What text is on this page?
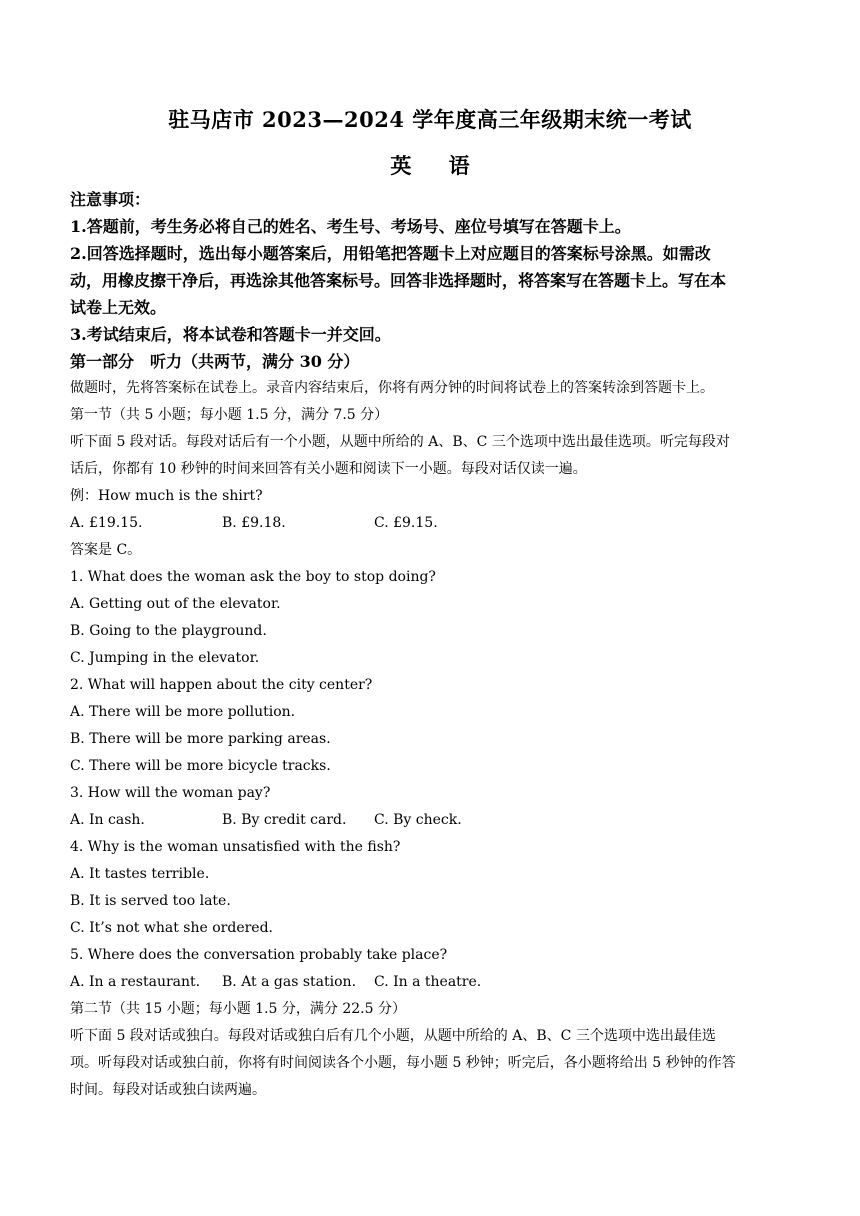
驻马店市 2023—2024 学年度高三年级期末统一考试
英 语
注意事项：
1.答题前，考生务必将自己的姓名、考生号、考场号、座位号填写在答题卡上。
2.回答选择题时，选出每小题答案后，用铅笔把答题卡上对应题目的答案标号涂黑。如需改
动，用橡皮擦干净后，再选涂其他答案标号。回答非选择题时，将答案写在答题卡上。写在本
试卷上无效。
3.考试结束后，将本试卷和答题卡一并交回。
第一部分　听力（共两节，满分 30 分）
做题时，先将答案标在试卷上。录音内容结束后，你将有两分钟的时间将试卷上的答案转涂到答题卡上。
第一节（共 5 小题；每小题 1.5 分，满分 7.5 分）
听下面 5 段对话。每段对话后有一个小题，从题中所给的 A、B、C 三个选项中选出最佳选项。听完每段对
话后，你都有 10 秒钟的时间来回答有关小题和阅读下一小题。每段对话仅读一遍。
例：How much is the shirt?
A. £19.15.	B. £9.18.	C. £9.15.
答案是 C。
1. What does the woman ask the boy to stop doing?
A. Getting out of the elevator.
B. Going to the playground.
C. Jumping in the elevator.
2. What will happen about the city center?
A. There will be more pollution.
B. There will be more parking areas.
C. There will be more bicycle tracks.
3. How will the woman pay?
A. In cash.	B. By credit card.	C. By check.
4. Why is the woman unsatisfied with the fish?
A. It tastes terrible.
B. It is served too late.
C. It’s not what she ordered.
5. Where does the conversation probably take place?
A. In a restaurant.	B. At a gas station.	C. In a theatre.
第二节（共 15 小题；每小题 1.5 分，满分 22.5 分）
听下面 5 段对话或独白。每段对话或独白后有几个小题，从题中所给的 A、B、C 三个选项中选出最佳选
项。听每段对话或独白前，你将有时间阅读各个小题，每小题 5 秒钟；听完后，各小题将给出 5 秒钟的作答
时间。每段对话或独白读两遍。
